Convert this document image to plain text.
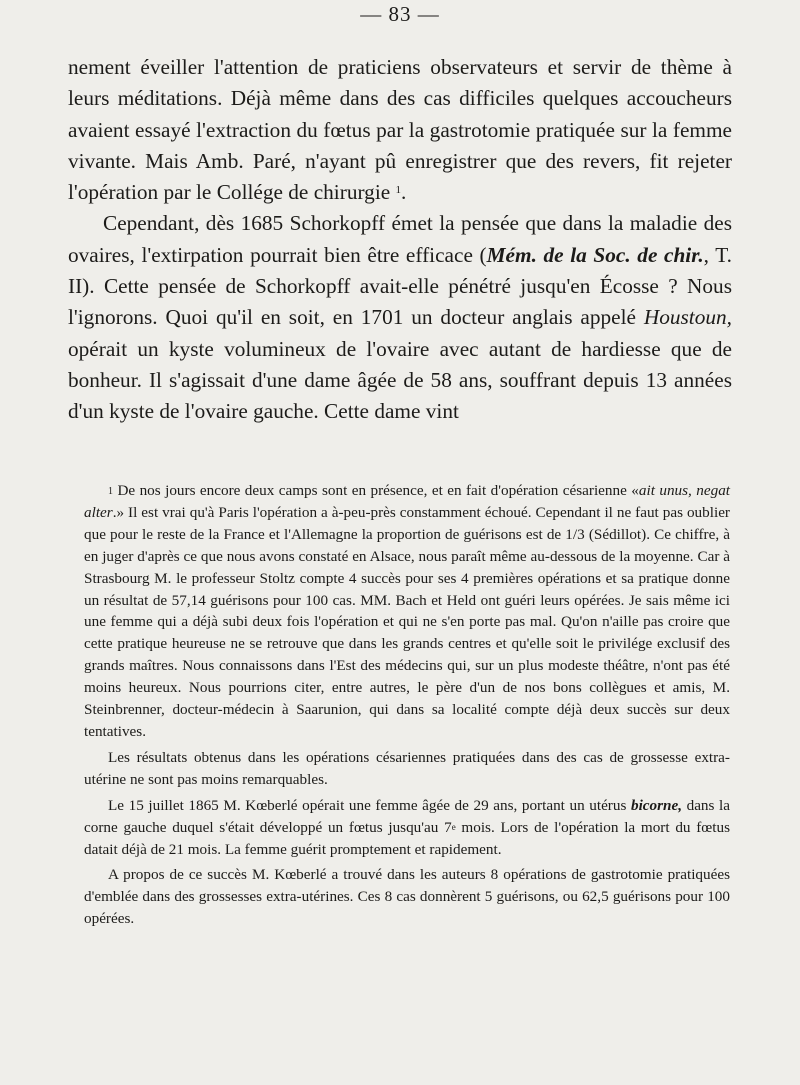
— 83 —

nement éveiller l'attention de praticiens observateurs et servir de thème à leurs méditations. Déjà même dans des cas difficiles quelques accoucheurs avaient essayé l'extraction du fœtus par la gastrotomie pratiquée sur la femme vivante. Mais Amb. Paré, n'ayant pû enregistrer que des revers, fit rejeter l'opération par le Collége de chirurgie $^1$.

Cependant, dès 1685 Schorkopff émet la pensée que dans la maladie des ovaires, l'extirpation pourrait bien être efficace (Mém. de la Soc. de chir., T. II). Cette pensée de Schorkopff avait-elle pénétré jusqu'en Écosse ? Nous l'ignorons. Quoi qu'il en soit, en 1701 un docteur anglais appelé Houstoun, opérait un kyste volumineux de l'ovaire avec autant de hardiesse que de bonheur. Il s'agissait d'une dame âgée de 58 ans, souffrant depuis 13 années d'un kyste de l'ovaire gauche. Cette dame vint

$^1$ De nos jours encore deux camps sont en présence, et en fait d'opération césarienne «ait unus, negat alter.» Il est vrai qu'à Paris l'opération a à-peu-près constamment échoué. Cependant il ne faut pas oublier que pour le reste de la France et l'Allemagne la proportion de guérisons est de 1/3 (Sédillot). Ce chiffre, à en juger d'après ce que nous avons constaté en Alsace, nous paraît même au-dessous de la moyenne. Car à Strasbourg M. le professeur Stoltz compte 4 succès pour ses 4 premières opérations et sa pratique donne un résultat de 57,14 guérisons pour 100 cas. MM. Bach et Held ont guéri leurs opérées. Je sais même ici une femme qui a déjà subi deux fois l'opération et qui ne s'en porte pas mal. Qu'on n'aille pas croire que cette pratique heureuse ne se retrouve que dans les grands centres et qu'elle soit le privilége exclusif des grands maîtres. Nous connaissons dans l'Est des médecins qui, sur un plus modeste théâtre, n'ont pas été moins heureux. Nous pourrions citer, entre autres, le père d'un de nos bons collègues et amis, M. Steinbrenner, docteur-médecin à Saarunion, qui dans sa localité compte déjà deux succès sur deux tentatives.

Les résultats obtenus dans les opérations césariennes pratiquées dans des cas de grossesse extra-utérine ne sont pas moins remarquables.

Le 15 juillet 1865 M. Kœberlé opérait une femme âgée de 29 ans, portant un utérus bicorne, dans la corne gauche duquel s'était développé un fœtus jusqu'au 7e mois. Lors de l'opération la mort du fœtus datait déjà de 21 mois. La femme guérit promptement et rapidement.

A propos de ce succès M. Kœberlé a trouvé dans les auteurs 8 opérations de gastrotomie pratiquées d'emblée dans des grossesses extra-utérines. Ces 8 cas donnèrent 5 guérisons, ou 62,5 guérisons pour 100 opérées.
